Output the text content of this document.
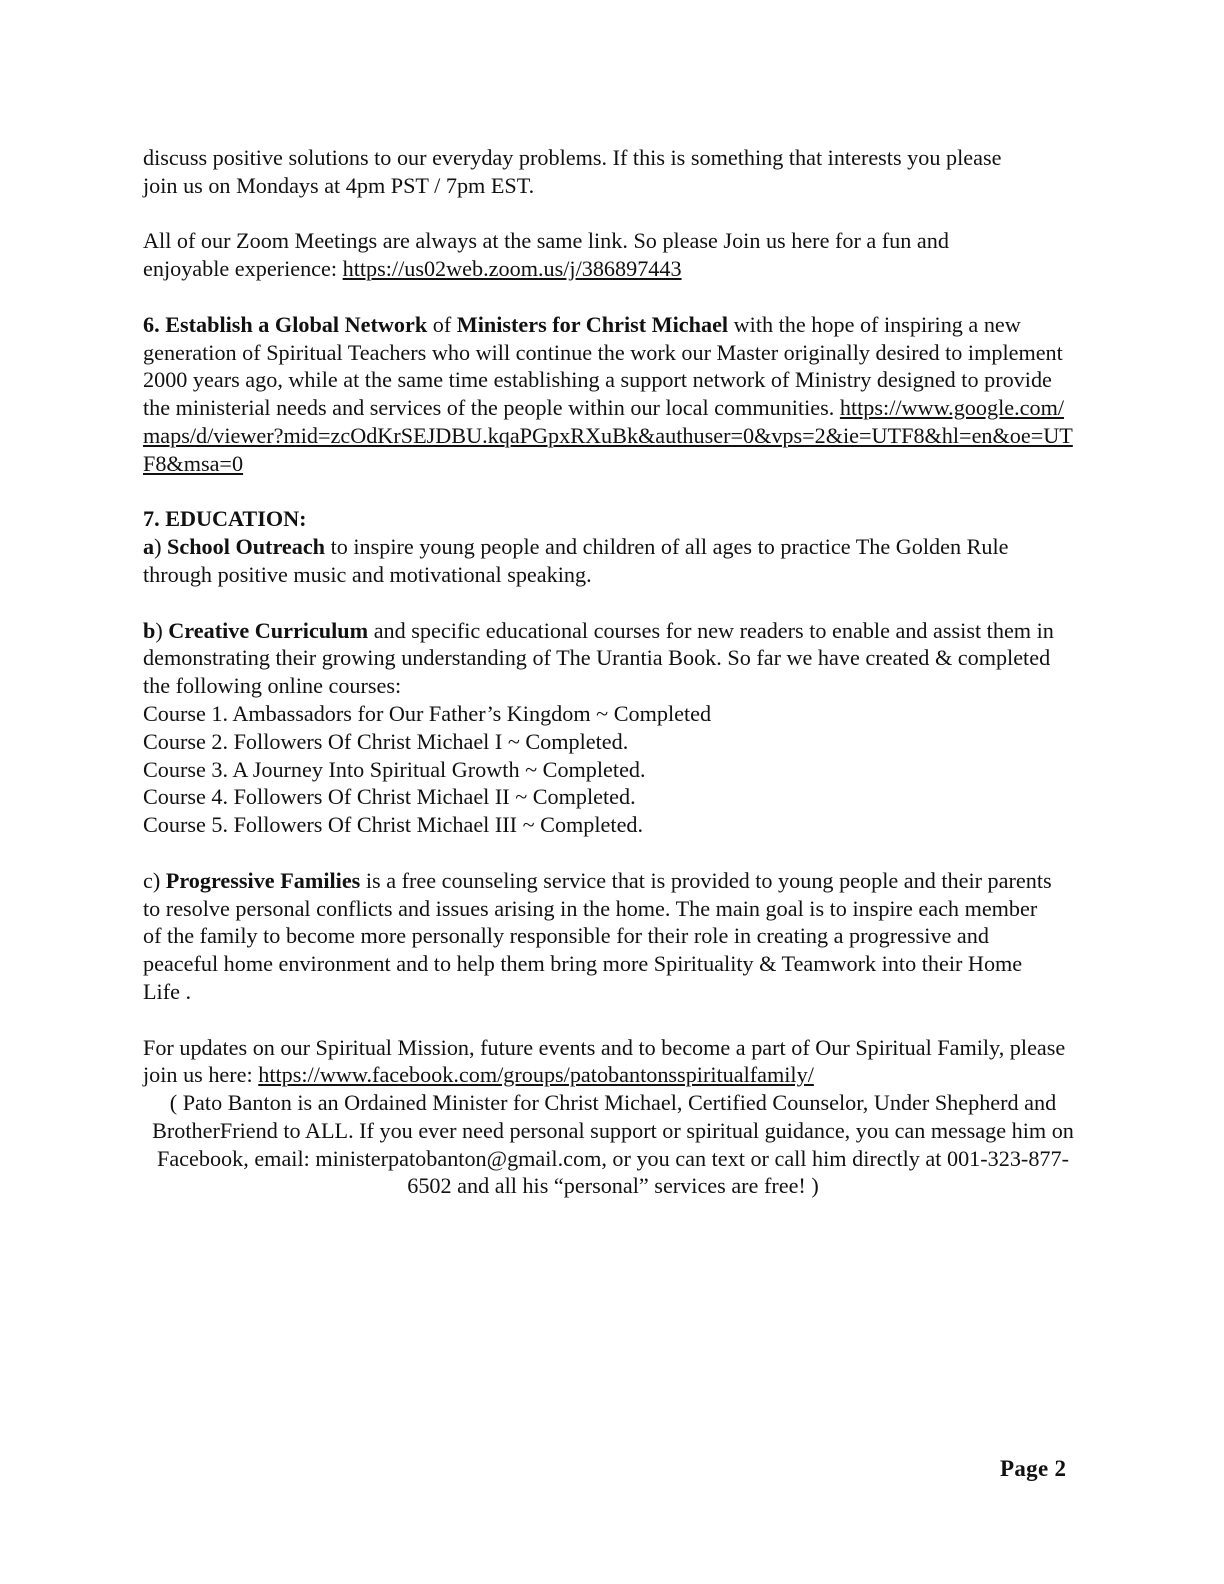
discuss positive solutions to our everyday problems. If this is something that interests you please
join us on Mondays at 4pm PST / 7pm EST.

All of our Zoom Meetings are always at the same link. So please Join us here for a fun and enjoyable experience: https://us02web.zoom.us/j/386897443

6. Establish a Global Network of Ministers for Christ Michael with the hope of inspiring a new generation of Spiritual Teachers who will continue the work our Master originally desired to implement 2000 years ago, while at the same time establishing a support network of Ministry designed to provide the ministerial needs and services of the people within our local communities. https://www.google.com/maps/d/viewer?mid=zcOdKrSEJDBU.kqaPGpxRXuBk&authuser=0&vps=2&ie=UTF8&hl=en&oe=UTF8&msa=0

7. EDUCATION:

a) School Outreach to inspire young people and children of all ages to practice The Golden Rule through positive music and motivational speaking.

b) Creative Curriculum and specific educational courses for new readers to enable and assist them in demonstrating their growing understanding of The Urantia Book. So far we have created & completed the following online courses:

Course 1. Ambassadors for Our Father’s Kingdom ~ Completed

Course 2. Followers Of Christ Michael I ~ Completed.

Course 3. A Journey Into Spiritual Growth ~ Completed.

Course 4. Followers Of Christ Michael II ~ Completed.

Course 5. Followers Of Christ Michael III ~ Completed.

c) Progressive Families is a free counseling service that is provided to young people and their parents to resolve personal conflicts and issues arising in the home. The main goal is to inspire each member of the family to become more personally responsible for their role in creating a progressive and peaceful home environment and to help them bring more Spirituality & Teamwork into their Home Life .

For updates on our Spiritual Mission, future events and to become a part of Our Spiritual Family, please join us here: https://www.facebook.com/groups/patobantonsspiritualfamily/

( Pato Banton is an Ordained Minister for Christ Michael, Certified Counselor, Under Shepherd and BrotherFriend to ALL. If you ever need personal support or spiritual guidance, you can message him on Facebook, email: ministerpatobanton@gmail.com, or you can text or call him directly at 001-323-877-6502 and all his “personal” services are free! )

Page 2
